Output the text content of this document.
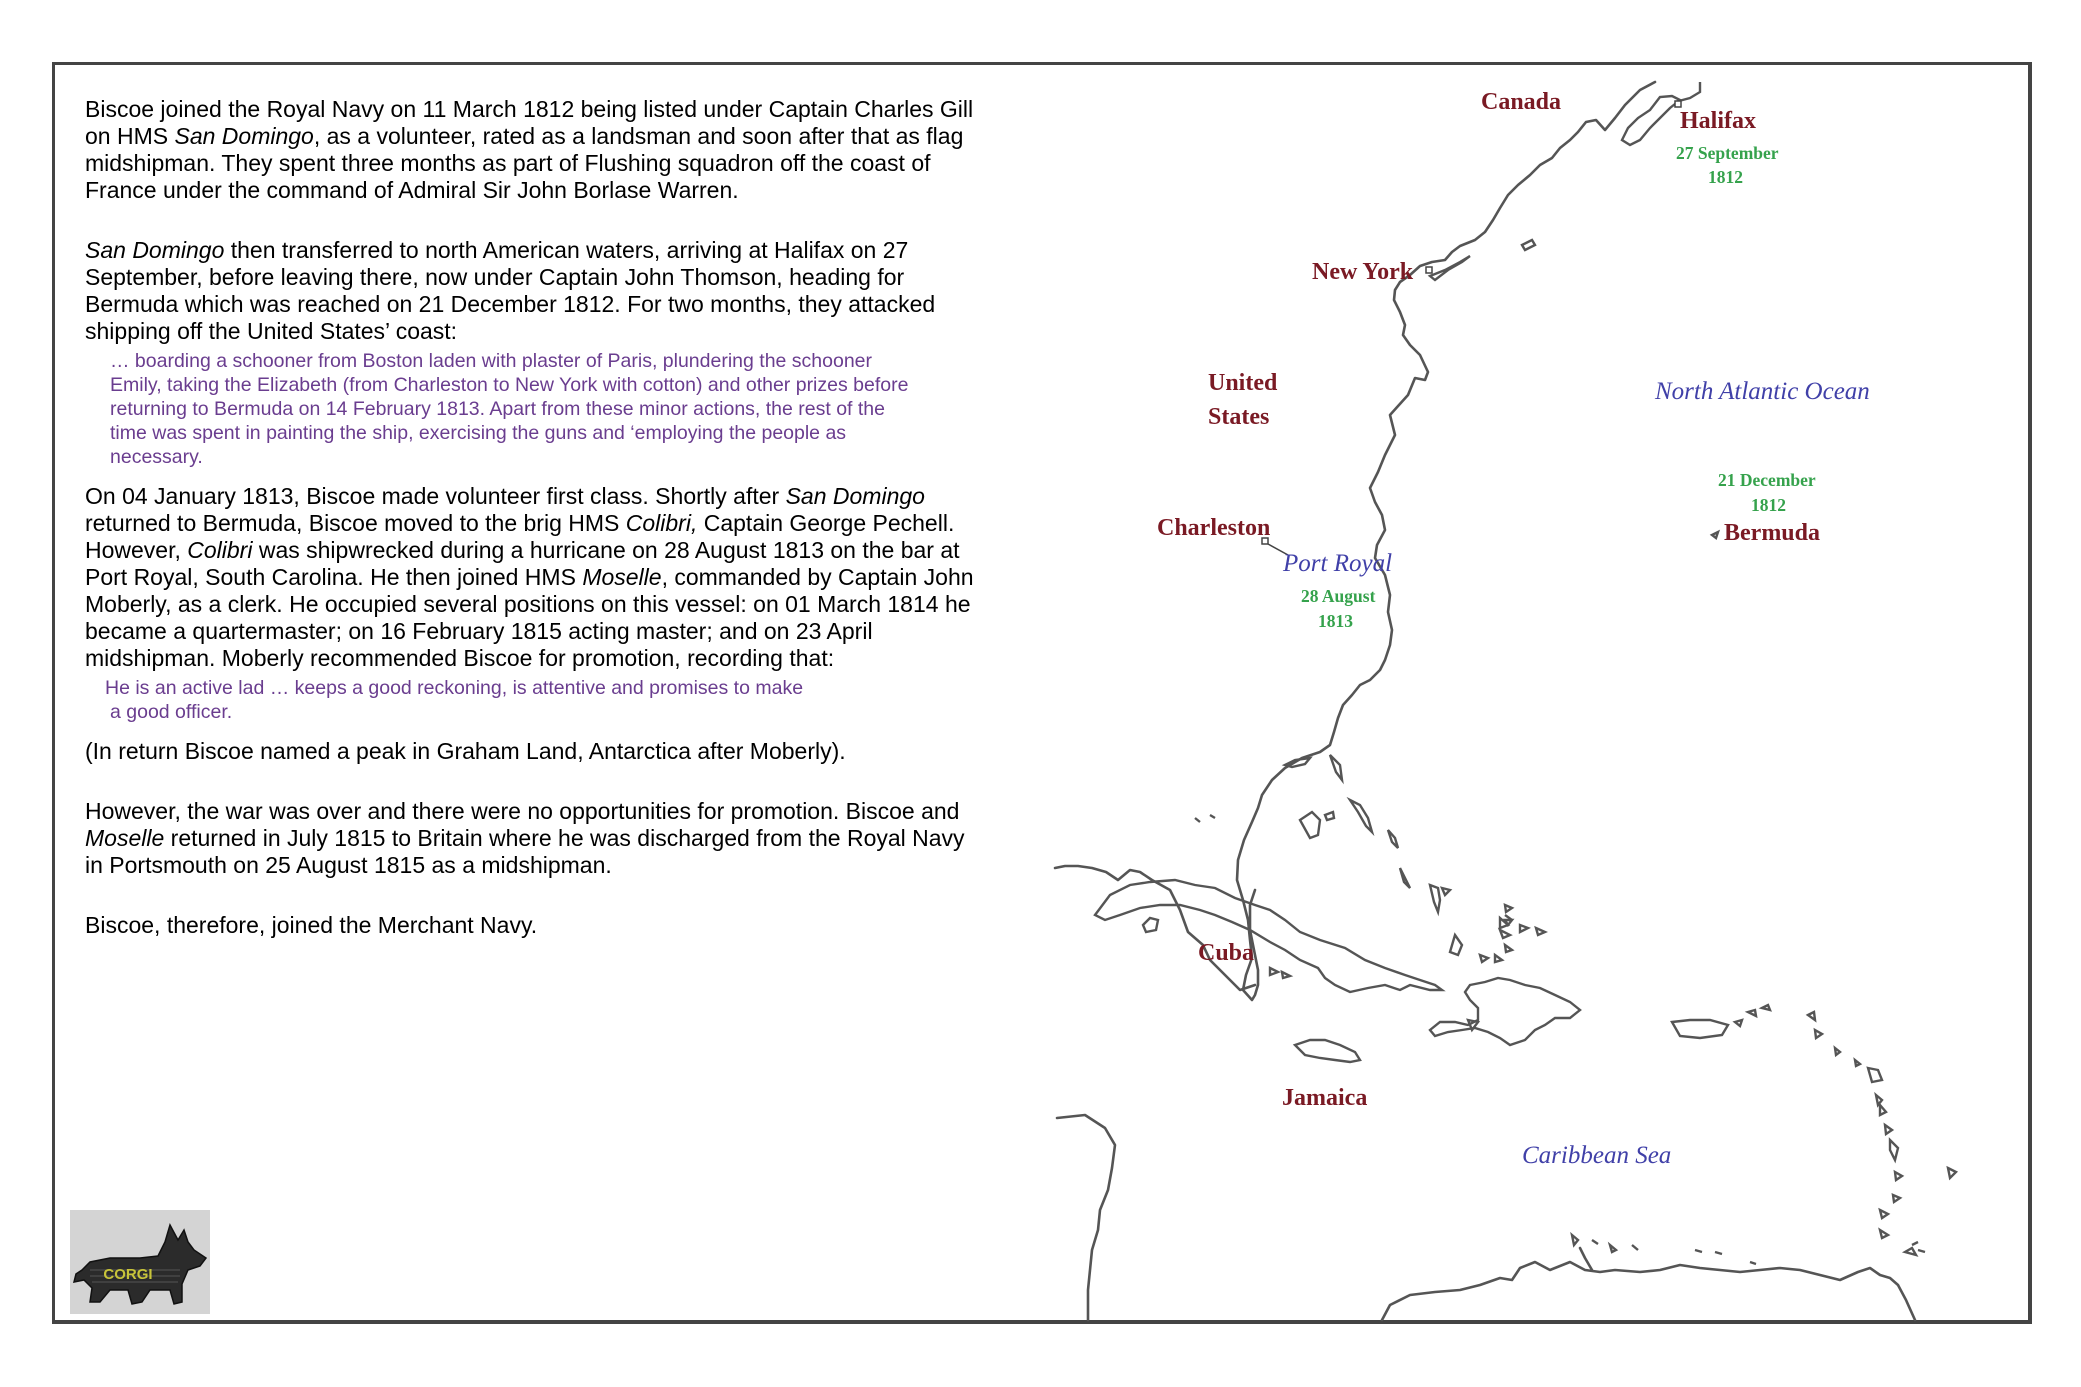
Biscoe joined the Royal Navy on 11 March 1812 being listed under Captain Charles Gill
on HMS San Domingo, as a volunteer, rated as a landsman and soon after that as flag
midshipman. They spent three months as part of Flushing squadron off the coast of
France under the command of Admiral Sir John Borlase Warren.

San Domingo then transferred to north American waters, arriving at Halifax on 27
September, before leaving there, now under Captain John Thomson, heading for
Bermuda which was reached on 21 December 1812. For two months, they attacked
shipping off the United States’ coast:

… boarding a schooner from Boston laden with plaster of Paris, plundering the schooner
Emily, taking the Elizabeth (from Charleston to New York with cotton) and other prizes before
returning to Bermuda on 14 February 1813. Apart from these minor actions, the rest of the
time was spent in painting the ship, exercising the guns and ‘employing the people as
necessary.

On 04 January 1813, Biscoe made volunteer first class. Shortly after San Domingo
returned to Bermuda, Biscoe moved to the brig HMS Colibri, Captain George Pechell.
However, Colibri was shipwrecked during a hurricane on 28 August 1813 on the bar at
Port Royal, South Carolina. He then joined HMS Moselle, commanded by Captain John
Moberly, as a clerk. He occupied several positions on this vessel: on 01 March 1814 he
became a quartermaster; on 16 February 1815 acting master; and on 23 April
midshipman. Moberly recommended Biscoe for promotion, recording that:

He is an active lad … keeps a good reckoning, is attentive and promises to make
a good officer.

(In return Biscoe named a peak in Graham Land, Antarctica after Moberly).

However, the war was over and there were no opportunities for promotion. Biscoe and
Moselle returned in July 1815 to Britain where he was discharged from the Royal Navy
in Portsmouth on 25 August 1815 as a midshipman.

Biscoe, therefore, joined the Merchant Navy.

Canada
Halifax
New York
United
States
Charleston	Bermuda
Cuba
Jamaica
North Atlantic Ocean
Port Royal
Caribbean Sea
27 September
1812
21 December
1812
28 August
1813
CORGI
